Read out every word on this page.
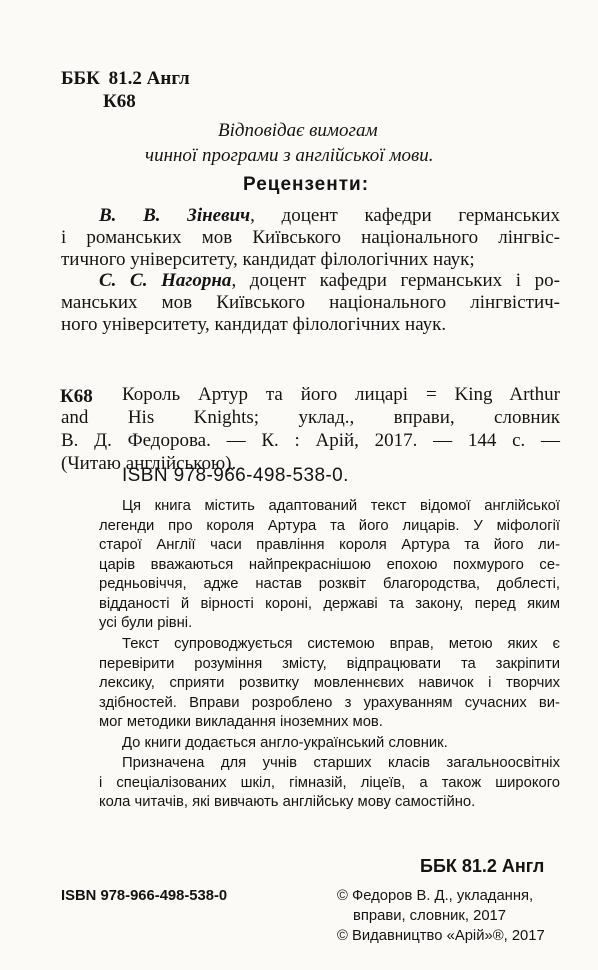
ББК 81.2 Англ
К68
Відповідає вимогам
чинної програми з англійської мови.
Рецензенти:
В. В. Зіневич, доцент кафедри германських
і романських мов Київського національного лінгвіс-
тичного університету, кандидат філологічних наук;
С. С. Нагорна, доцент кафедри германських і ро-
манських мов Київського національного лінгвістич-
ного університету, кандидат філологічних наук.
К68 Король Артур та його лицарі = King Arthur
and His Knights; уклад., вправи, словник
В. Д. Федорова. — К. : Арій, 2017. — 144 с. —
(Читаю англійською).
ISBN 978-966-498-538-0.
Ця книга містить адаптований текст відомої англійської
легенди про короля Артура та його лицарів. У міфології
старої Англії часи правління короля Артура та його ли-
царів вважаються найпрекраснішою епохою похмурого се-
редньовіччя, адже настав розквіт благородства, доблесті,
відданості й вірності короні, державі та закону, перед яким
усі були рівні.
Текст супроводжується системою вправ, метою яких є
перевірити розуміння змісту, відпрацювати та закріпити
лексику, сприяти розвитку мовленнєвих навичок і творчих
здібностей. Вправи розроблено з урахуванням сучасних ви-
мог методики викладання іноземних мов.
До книги додається англо-український словник.
Призначена для учнів старших класів загальноосвітніх
і спеціалізованих шкіл, гімназій, ліцеїв, а також широкого
кола читачів, які вивчають англійську мову самостійно.
ББК 81.2 Англ
ISBN 978-966-498-538-0	© Федоров В. Д., укладання,
вправи, словник, 2017
© Видавництво «Арій»®, 2017
